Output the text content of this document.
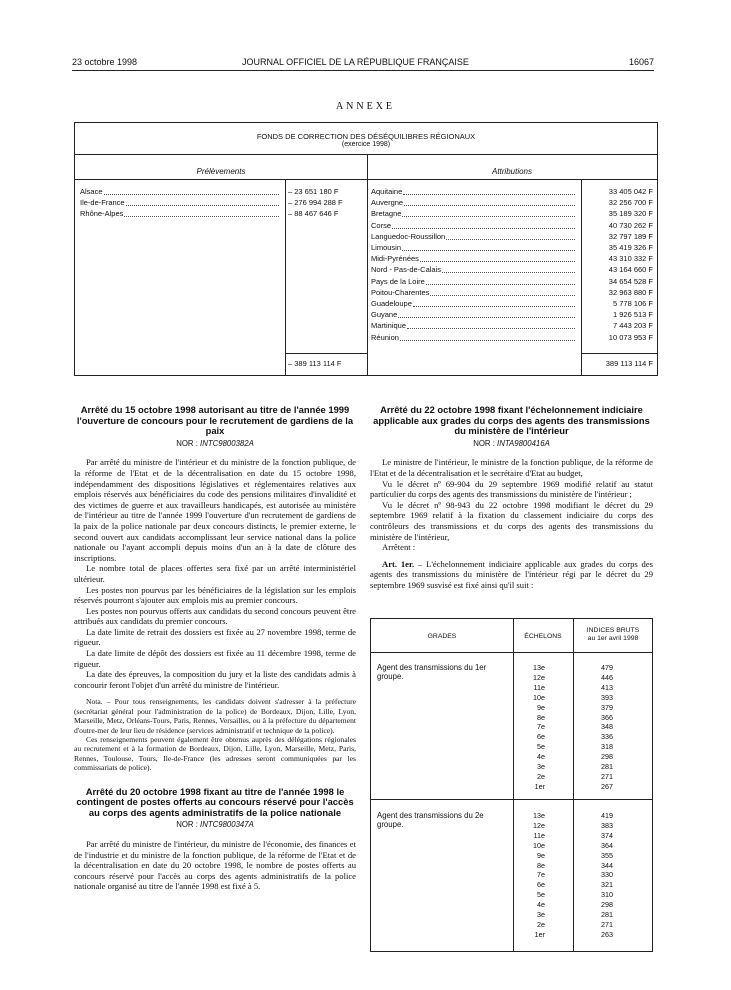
23 octobre 1998	JOURNAL OFFICIEL DE LA RÉPUBLIQUE FRANÇAISE	16067
ANNEXE
FONDS DE CORRECTION DES DÉSÉQUILIBRES RÉGIONAUX
(exercice 1998)
Prélèvements	Attributions
Alsace	– 23 651 180 F
Ile-de-France	– 276 994 288 F
Rhône-Alpes	– 88 467 646 F
Aquitaine	33 405 042 F
Auvergne	32 256 700 F
Bretagne	35 189 320 F
Corse	40 730 262 F
Languedoc-Roussillon	32 797 189 F
Limousin	35 419 326 F
Midi-Pyrénées	43 310 332 F
Nord - Pas-de-Calais	43 164 660 F
Pays de la Loire	34 654 528 F
Poitou-Charentes	32 963 880 F
Guadeloupe	5 778 106 F
Guyane	1 926 513 F
Martinique	7 443 203 F
Réunion	10 073 953 F
– 389 113 114 F	389 113 114 F
Arrêté du 15 octobre 1998 autorisant au titre de l'année 1999 l'ouverture de concours pour le recrutement de gardiens de la paix
NOR : INTC9800382A

Par arrêté du ministre de l'intérieur et du ministre de la fonction publique, de la réforme de l'Etat et de la décentralisation en date du 15 octobre 1998, indépendamment des dispositions législatives et réglementaires relatives aux emplois réservés aux bénéficiaires du code des pensions militaires d'invalidité et des victimes de guerre et aux travailleurs handicapés, est autorisée au ministère de l'intérieur au titre de l'année 1999 l'ouverture d'un recrutement de gardiens de la paix de la police nationale par deux concours distincts, le premier externe, le second ouvert aux candidats accomplissant leur service national dans la police nationale ou l'ayant accompli depuis moins d'un an à la date de clôture des inscriptions.

Le nombre total de places offertes sera fixé par un arrêté interministériel ultérieur.

Les postes non pourvus par les bénéficiaires de la législation sur les emplois réservés pourront s'ajouter aux emplois mis au premier concours.

Les postes non pourvus offerts aux candidats du second concours peuvent être attribués aux candidats du premier concours.

La date limite de retrait des dossiers est fixée au 27 novembre 1998, terme de rigueur.

La date limite de dépôt des dossiers est fixée au 11 décembre 1998, terme de rigueur.

La date des épreuves, la composition du jury et la liste des candidats admis à concourir feront l'objet d'un arrêté du ministre de l'intérieur.

Nota. – Pour tous renseignements, les candidats doivent s'adresser à la préfecture (secrétariat général pour l'administration de la police) de Bordeaux, Dijon, Lille, Lyon, Marseille, Metz, Orléans-Tours, Paris, Rennes, Versailles, ou à la préfecture du département d'outre-mer de leur lieu de résidence (services administratif et technique de la police).

Ces renseignements peuvent également être obtenus auprès des délégations régionales au recrutement et à la formation de Bordeaux, Dijon, Lille, Lyon, Marseille, Metz, Paris, Rennes, Toulouse, Tours, Ile-de-France (les adresses seront communiquées par les commissariats de police).

Arrêté du 20 octobre 1998 fixant au titre de l'année 1998 le contingent de postes offerts au concours réservé pour l'accès au corps des agents administratifs de la police nationale
NOR : INTC9800347A

Par arrêté du ministre de l'intérieur, du ministre de l'économie, des finances et de l'industrie et du ministre de la fonction publique, de la réforme de l'Etat et de la décentralisation en date du 20 octobre 1998, le nombre de postes offerts au concours réservé pour l'accès au corps des agents administratifs de la police nationale organisé au titre de l'année 1998 est fixé à 5.

Arrêté du 22 octobre 1998 fixant l'échelonnement indiciaire applicable aux grades du corps des agents des transmissions du ministère de l'intérieur
NOR : INTA9800416A

Le ministre de l'intérieur, le ministre de la fonction publique, de la réforme de l'Etat et de la décentralisation et le secrétaire d'Etat au budget,

Vu le décret nº 69-904 du 29 septembre 1969 modifié relatif au statut particulier du corps des agents des transmissions du ministère de l'intérieur ;

Vu le décret nº 98-943 du 22 octobre 1998 modifiant le décret du 29 septembre 1969 relatif à la fixation du classement indiciaire du corps des contrôleurs des transmissions et du corps des agents des transmissions du ministère de l'intérieur,

Arrêtent :

Art. 1er. – L'échelonnement indiciaire applicable aux grades du corps des agents des transmissions du ministère de l'intérieur régi par le décret du 29 septembre 1969 susvisé est fixé ainsi qu'il suit :

GRADES	ÉCHELONS
INDICES BRUTS
au 1er avril 1998
Agent des transmissions du 1er groupe.
13e	479
12e	446
11e	413
10e	393
9e	379
8e	366
7e	348
6e	336
5e	318
4e	298
3e	281
2e	271
1er	267
Agent des transmissions du 2e groupe.
13e	419
12e	383
11e	374
10e	364
9e	355
8e	344
7e	330
6e	321
5e	310
4e	298
3e	281
2e	271
1er	263
